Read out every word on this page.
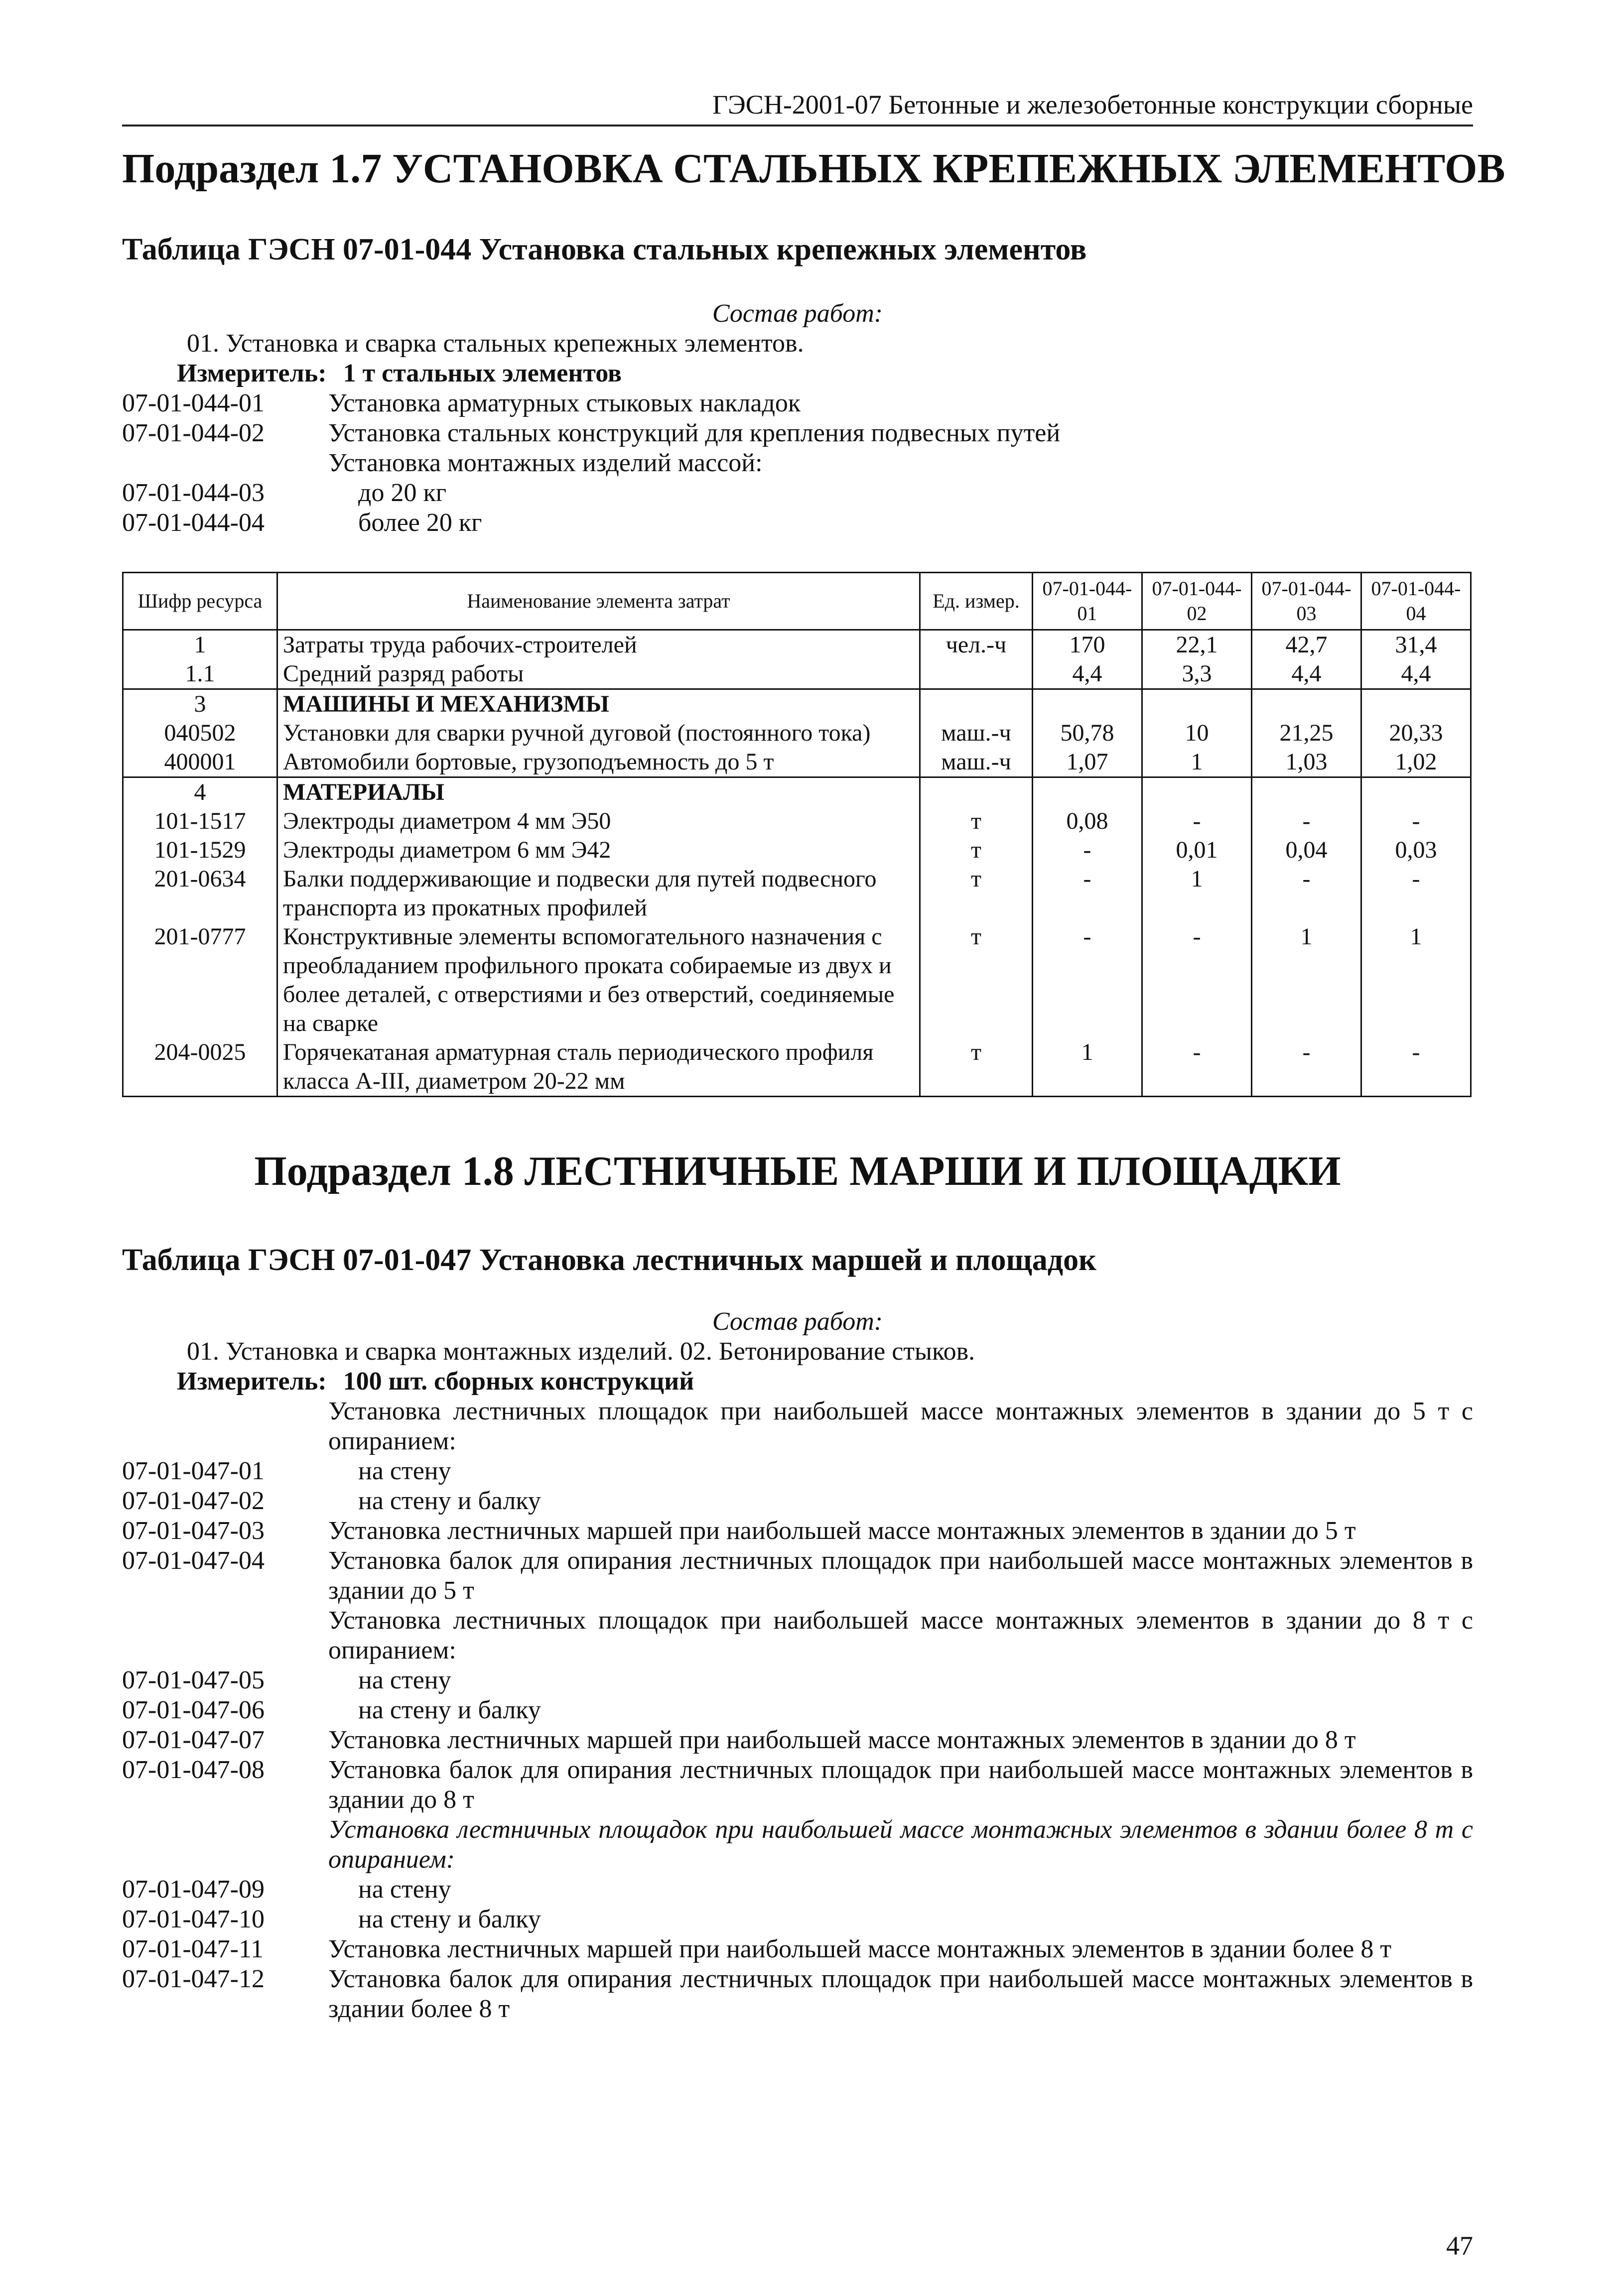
ГЭСН-2001-07 Бетонные и железобетонные конструкции сборные
Подраздел 1.7 УСТАНОВКА СТАЛЬНЫХ КРЕПЕЖНЫХ ЭЛЕМЕНТОВ
Таблица ГЭСН 07-01-044 Установка стальных крепежных элементов
Состав работ:
01. Установка и сварка стальных крепежных элементов.
Измеритель: 1 т стальных элементов
07-01-044-01	Установка арматурных стыковых накладок
07-01-044-02	Установка стальных конструкций для крепления подвесных путей
Установка монтажных изделий массой:
07-01-044-03	до 20 кг
07-01-044-04	более 20 кг
Шифр ресурса	Наименование элемента затрат	Ед. измер.	07-01-044-01	07-01-044-02	07-01-044-03	07-01-044-04
1	Затраты труда рабочих-строителей	чел.-ч	170	22,1	42,7	31,4
1.1	Средний разряд работы		4,4	3,3	4,4	4,4
3	МАШИНЫ И МЕХАНИЗМЫ					
040502	Установки для сварки ручной дуговой (постоянного тока)	маш.-ч	50,78	10	21,25	20,33
400001	Автомобили бортовые, грузоподъемность до 5 т	маш.-ч	1,07	1	1,03	1,02
4	МАТЕРИАЛЫ					
101-1517	Электроды диаметром 4 мм Э50	т	0,08	-	-	-
101-1529	Электроды диаметром 6 мм Э42	т	-	0,01	0,04	0,03
201-0634	Балки поддерживающие и подвески для путей подвесного транспорта из прокатных профилей	т	-	1	-	-
201-0777	Конструктивные элементы вспомогательного назначения с преобладанием профильного проката собираемые из двух и более деталей, с отверстиями и без отверстий, соединяемые на сварке	т	-	-	1	1
204-0025	Горячекатаная арматурная сталь периодического профиля класса А-III, диаметром 20-22 мм	т	1	-	-	-
Подраздел 1.8 ЛЕСТНИЧНЫЕ МАРШИ И ПЛОЩАДКИ
Таблица ГЭСН 07-01-047 Установка лестничных маршей и площадок
Состав работ:
01. Установка и сварка монтажных изделий. 02. Бетонирование стыков.
Измеритель: 100 шт. сборных конструкций
Установка лестничных площадок при наибольшей массе монтажных элементов в здании до 5 т с опиранием:
07-01-047-01	на стену
07-01-047-02	на стену и балку
07-01-047-03	Установка лестничных маршей при наибольшей массе монтажных элементов в здании до 5 т
07-01-047-04	Установка балок для опирания лестничных площадок при наибольшей массе монтажных элементов в здании до 5 т
Установка лестничных площадок при наибольшей массе монтажных элементов в здании до 8 т с опиранием:
07-01-047-05	на стену
07-01-047-06	на стену и балку
07-01-047-07	Установка лестничных маршей при наибольшей массе монтажных элементов в здании до 8 т
07-01-047-08	Установка балок для опирания лестничных площадок при наибольшей массе монтажных элементов в здании до 8 т
Установка лестничных площадок при наибольшей массе монтажных элементов в здании более 8 т с опиранием:
07-01-047-09	на стену
07-01-047-10	на стену и балку
07-01-047-11	Установка лестничных маршей при наибольшей массе монтажных элементов в здании более 8 т
07-01-047-12	Установка балок для опирания лестничных площадок при наибольшей массе монтажных элементов в здании более 8 т
47
